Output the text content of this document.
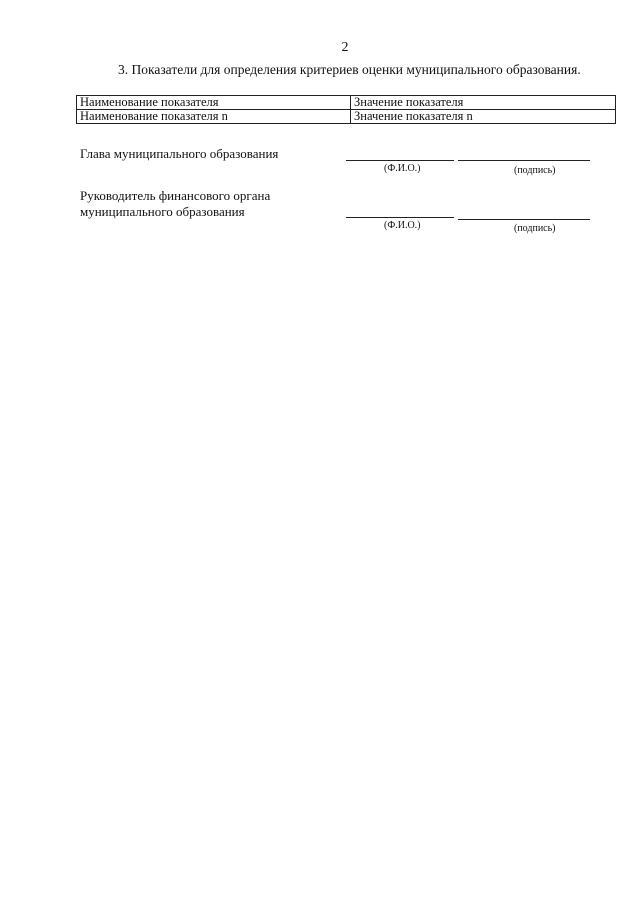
2
3. Показатели для определения критериев оценки муниципального образования.
Наименование показателя	Значение показателя
Наименование показателя n	Значение показателя n
Глава муниципального образования
(Ф.И.О.)	(подпись)
Руководитель финансового органа муниципального образования
(Ф.И.О.)	(подпись)
